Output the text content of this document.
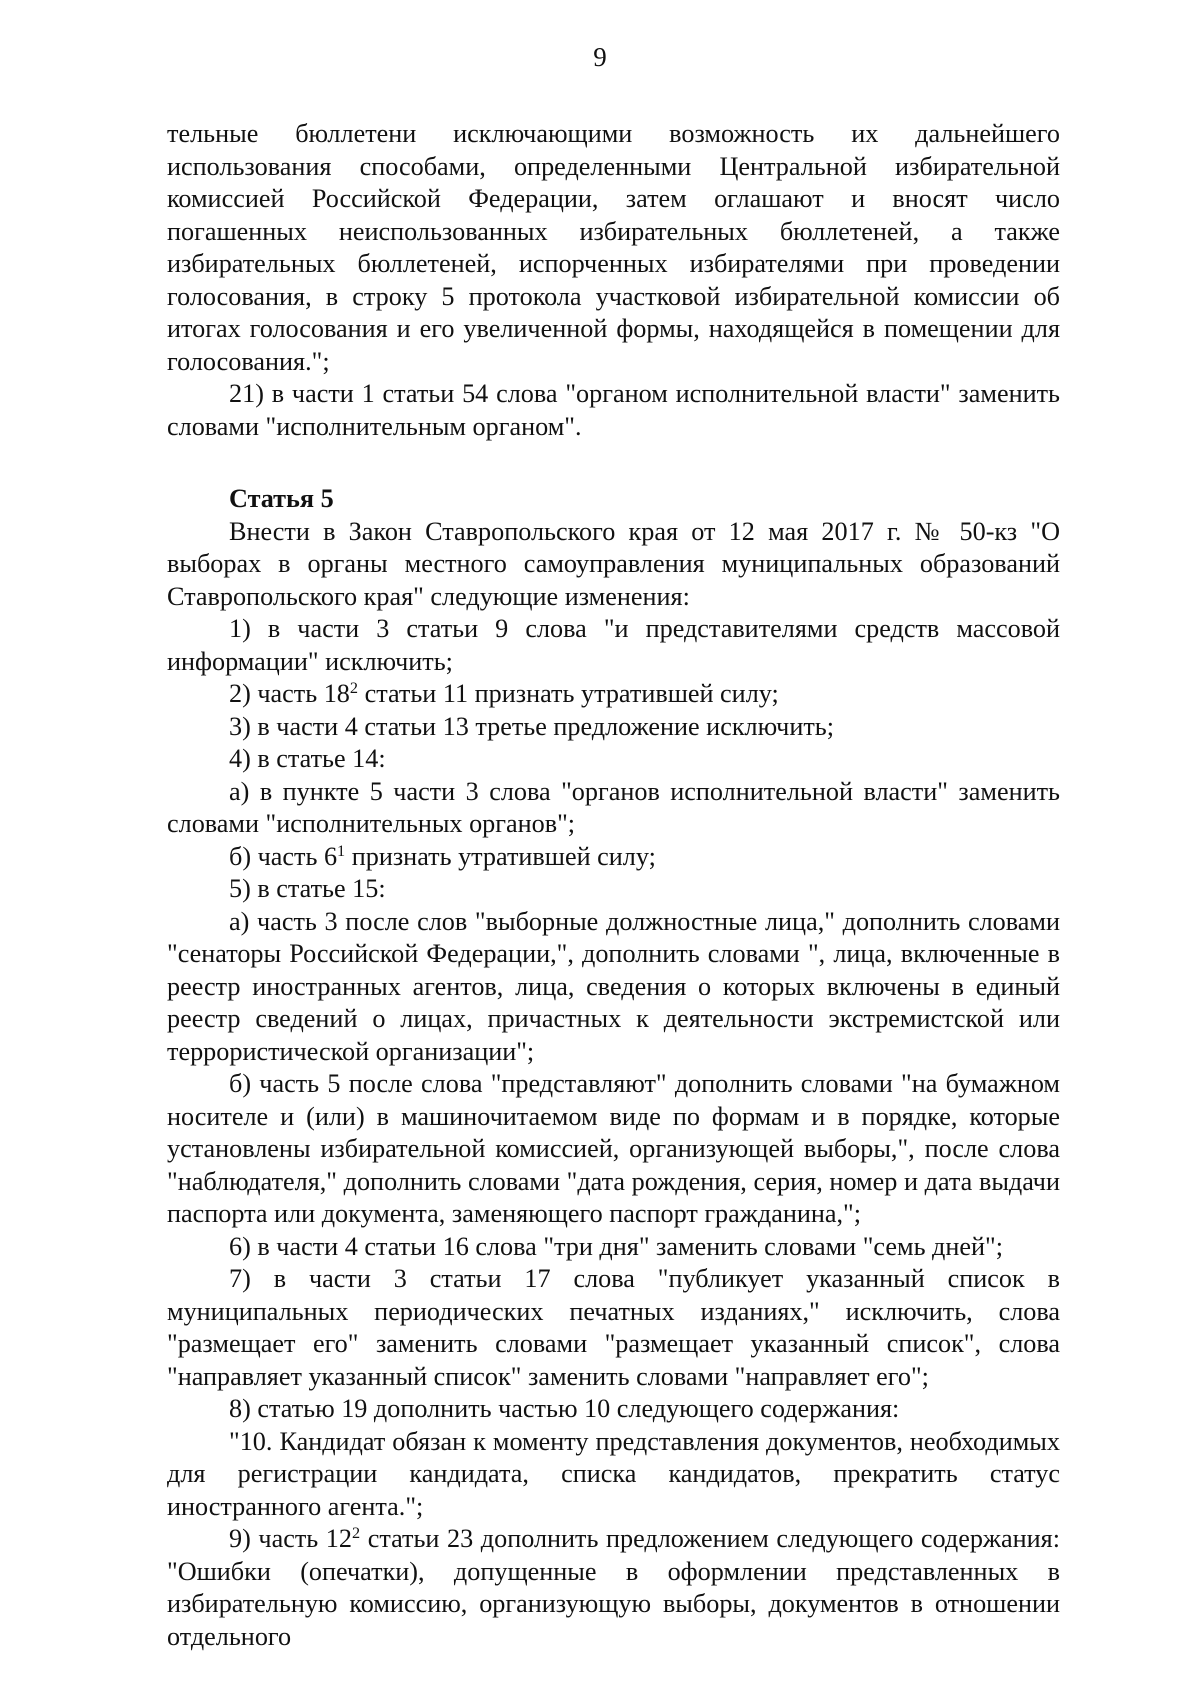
9

тельные бюллетени исключающими возможность их дальнейшего использования способами, определенными Центральной избирательной комиссией Российской Федерации, затем оглашают и вносят число погашенных неиспользованных избирательных бюллетеней, а также избирательных бюллетеней, испорченных избирателями при проведении голосования, в строку 5 протокола участковой избирательной комиссии об итогах голосования и его увеличенной формы, находящейся в помещении для голосования.";

21) в части 1 статьи 54 слова "органом исполнительной власти" заменить словами "исполнительным органом".

Статья 5

Внести в Закон Ставропольского края от 12 мая 2017 г. № 50-кз "О выборах в органы местного самоуправления муниципальных образований Ставропольского края" следующие изменения:

1) в части 3 статьи 9 слова "и представителями средств массовой информации" исключить;

2) часть $18^2$ статьи 11 признать утратившей силу;

3) в части 4 статьи 13 третье предложение исключить;

4) в статье 14:

а) в пункте 5 части 3 слова "органов исполнительной власти" заменить словами "исполнительных органов";

б) часть $6^1$ признать утратившей силу;

5) в статье 15:

а) часть 3 после слов "выборные должностные лица," дополнить словами "сенаторы Российской Федерации,", дополнить словами ", лица, включенные в реестр иностранных агентов, лица, сведения о которых включены в единый реестр сведений о лицах, причастных к деятельности экстремистской или террористической организации";

б) часть 5 после слова "представляют" дополнить словами "на бумажном носителе и (или) в машиночитаемом виде по формам и в порядке, которые установлены избирательной комиссией, организующей выборы,", после слова "наблюдателя," дополнить словами "дата рождения, серия, номер и дата выдачи паспорта или документа, заменяющего паспорт гражданина,";

6) в части 4 статьи 16 слова "три дня" заменить словами "семь дней";

7) в части 3 статьи 17 слова "публикует указанный список в муниципальных периодических печатных изданиях," исключить, слова "размещает его" заменить словами "размещает указанный список", слова "направляет указанный список" заменить словами "направляет его";

8) статью 19 дополнить частью 10 следующего содержания:

"10. Кандидат обязан к моменту представления документов, необходимых для регистрации кандидата, списка кандидатов, прекратить статус иностранного агента.";

9) часть $12^2$ статьи 23 дополнить предложением следующего содержания: "Ошибки (опечатки), допущенные в оформлении представленных в избирательную комиссию, организующую выборы, документов в отношении отдельного
